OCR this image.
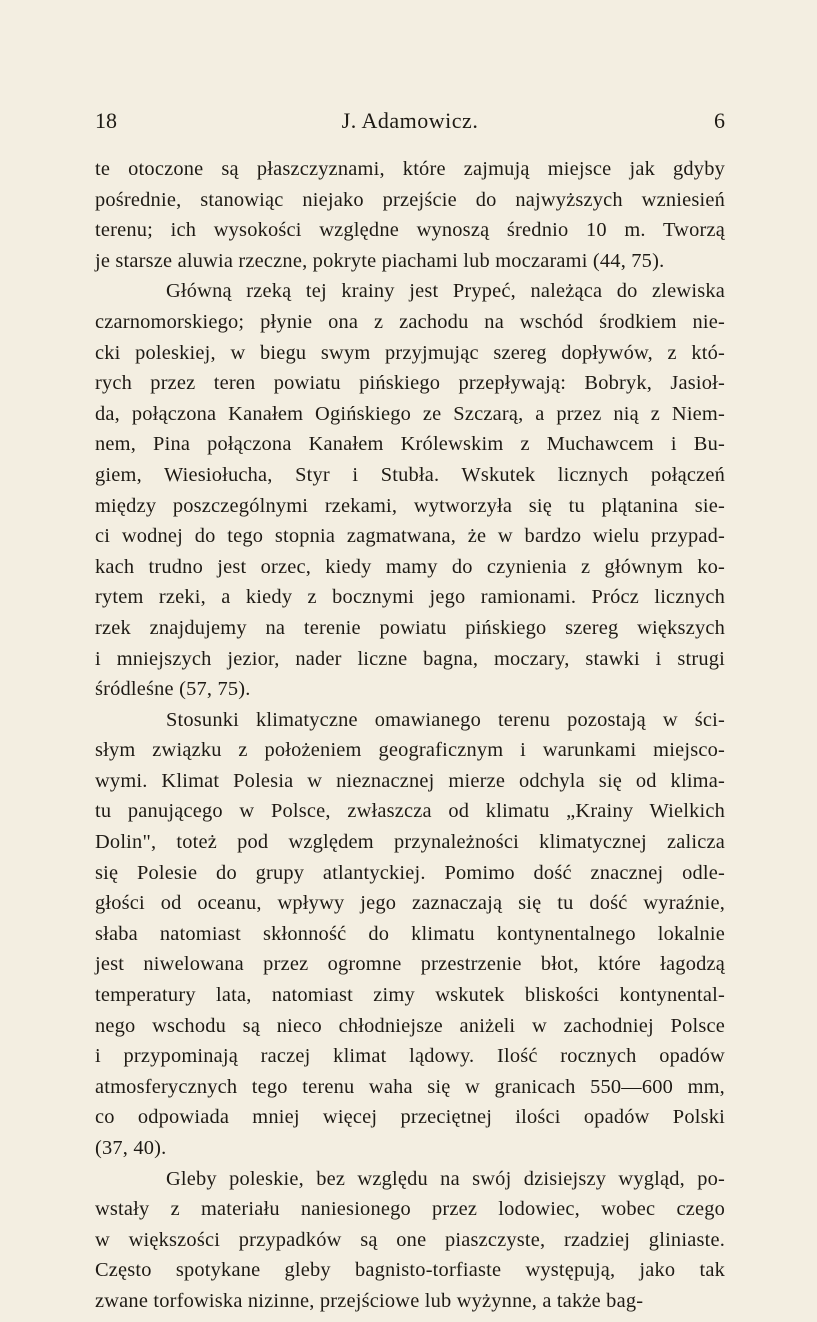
18	J. Adamowicz.	6

te otoczone są płaszczyznami, które zajmują miejsce jak gdyby
pośrednie, stanowiąc niejako przejście do najwyższych wzniesień
terenu; ich wysokości względne wynoszą średnio 10 m. Tworzą
je starsze aluwia rzeczne, pokryte piachami lub moczarami (44, 75).

Główną rzeką tej krainy jest Prypeć, należąca do zlewiska
czarnomorskiego; płynie ona z zachodu na wschód środkiem nie-
cki poleskiej, w biegu swym przyjmując szereg dopływów, z któ-
rych przez teren powiatu pińskiego przepływają: Bobryk, Jasioł-
da, połączona Kanałem Ogińskiego ze Szczarą, a przez nią z Niem-
nem, Pina połączona Kanałem Królewskim z Muchawcem i Bu-
giem, Wiesiołucha, Styr i Stubła. Wskutek licznych połączeń
między poszczególnymi rzekami, wytworzyła się tu plątanina sie-
ci wodnej do tego stopnia zagmatwana, że w bardzo wielu przypad-
kach trudno jest orzec, kiedy mamy do czynienia z głównym ko-
rytem rzeki, a kiedy z bocznymi jego ramionami. Prócz licznych
rzek znajdujemy na terenie powiatu pińskiego szereg większych
i mniejszych jezior, nader liczne bagna, moczary, stawki i strugi
śródleśne (57, 75).

Stosunki klimatyczne omawianego terenu pozostają w ści-
słym związku z położeniem geograficznym i warunkami miejsco-
wymi. Klimat Polesia w nieznacznej mierze odchyla się od klima-
tu panującego w Polsce, zwłaszcza od klimatu „Krainy Wielkich
Dolin", toteż pod względem przynależności klimatycznej zalicza
się Polesie do grupy atlantyckiej. Pomimo dość znacznej odle-
głości od oceanu, wpływy jego zaznaczają się tu dość wyraźnie,
słaba natomiast skłonność do klimatu kontynentalnego lokalnie
jest niwelowana przez ogromne przestrzenie błot, które łagodzą
temperatury lata, natomiast zimy wskutek bliskości kontynental-
nego wschodu są nieco chłodniejsze aniżeli w zachodniej Polsce
i przypominają raczej klimat lądowy. Ilość rocznych opadów
atmosferycznych tego terenu waha się w granicach 550—600 mm,
co odpowiada mniej więcej przeciętnej ilości opadów Polski
(37, 40).

Gleby poleskie, bez względu na swój dzisiejszy wygląd, po-
wstały z materiału naniesionego przez lodowiec, wobec czego
w większości przypadków są one piaszczyste, rzadziej gliniaste.
Często spotykane gleby bagnisto-torfiaste występują, jako tak
zwane torfowiska nizinne, przejściowe lub wyżynne, a także bag-
